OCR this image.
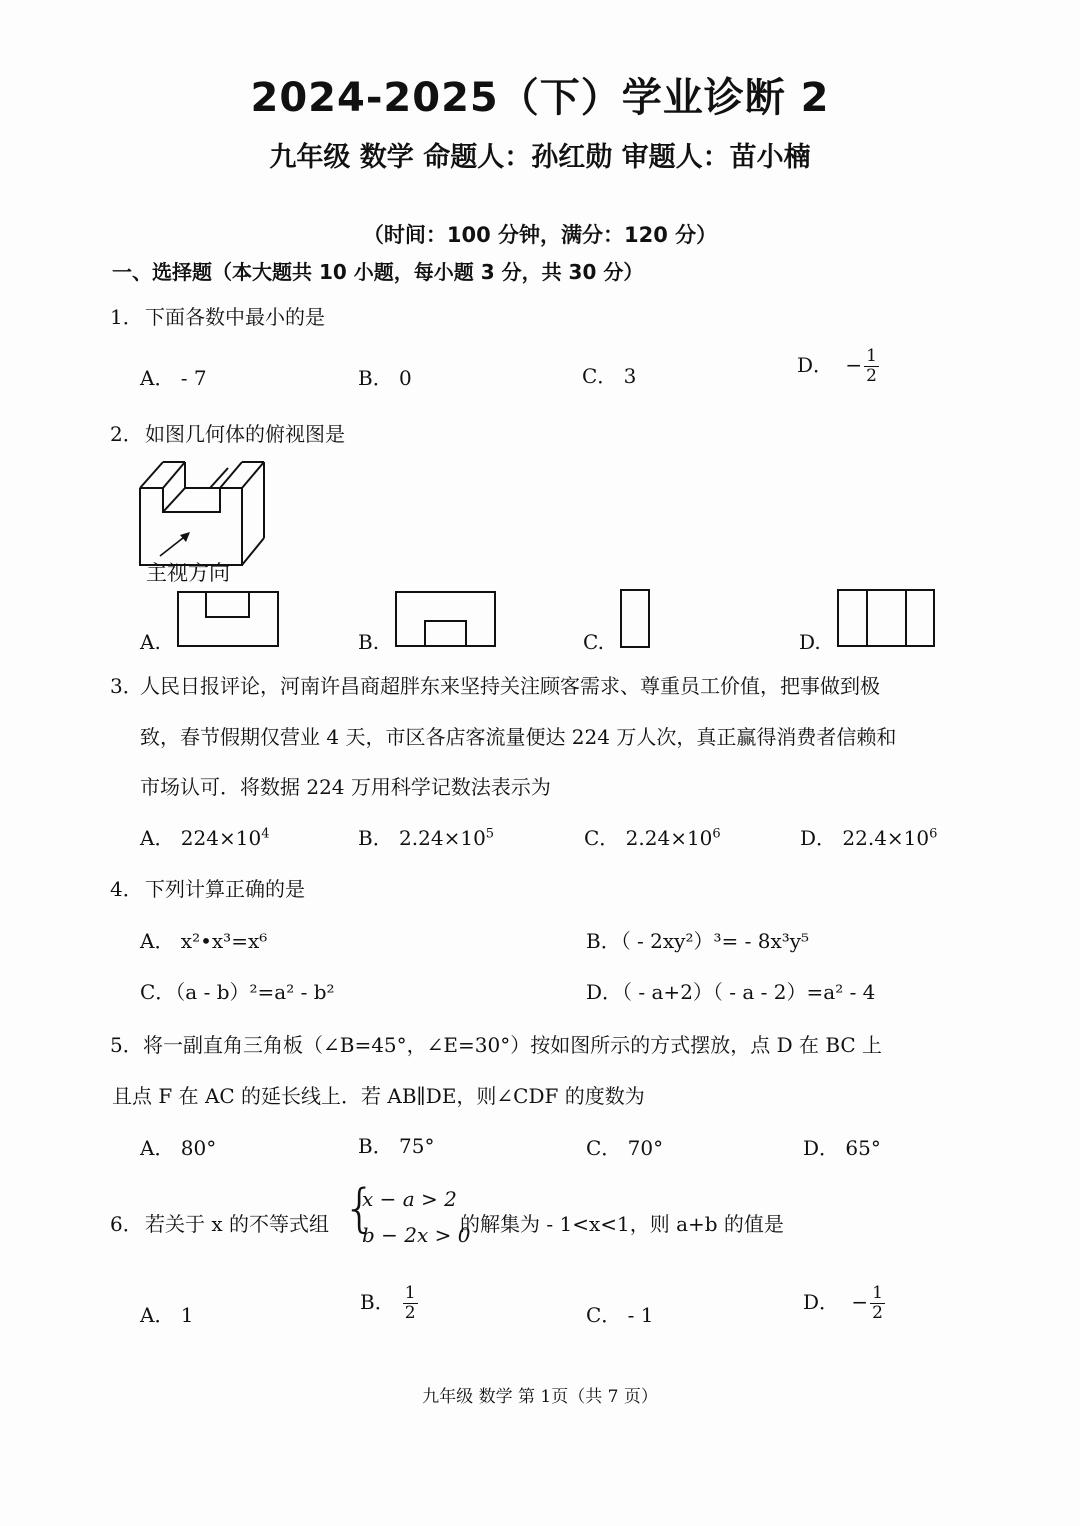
2024-2025（下）学业诊断 2
九年级 数学 命题人：孙红勋 审题人：苗小楠
（时间：100 分钟，满分：120 分）
一、选择题（本大题共 10 小题，每小题 3 分，共 30 分）
1． 下面各数中最小的是
A． - 7	B． 0	C． 3	D． − $\frac{1}{2}$
2． 如图几何体的俯视图是
主视方向
A.	B.	C.	D.
3．
人民日报评论，河南许昌商超胖东来坚持关注顾客需求、尊重员工价值，把事做到极
致，春节假期仅营业 4 天，市区各店客流量便达 224 万人次，真正赢得消费者信赖和
市场认可．将数据 224 万用科学记数法表示为
A． $224\times 10^4$	B． $2.24\times 10^5$	C． $2.24\times 10^6$	D． $22.4\times 10^6$
4． 下列计算正确的是
A． x²•x³=x⁶	B．（ - 2xy²）³= - 8x³y⁵
C．（a - b）²=a² - b²	D．（ - a+2）（ - a - 2）=a² - 4
5． 将一副直角三角板（∠B=45°，∠E=30°）按如图所示的方式摆放，点 D 在 BC 上
且点 F 在 AC 的延长线上．若 AB∥DE，则∠CDF 的度数为
A． 80°	B． 75°	C． 70°	D． 65°
6． 若关于 x 的不等式组 {
x − a > 2
b − 2x > 0
的解集为 - 1<x<1，则 a+b 的值是
A． 1
B． $\frac{1}{2}$	C． - 1
D． − $\frac{1}{2}$
九年级 数学 第 1页（共 7 页）
